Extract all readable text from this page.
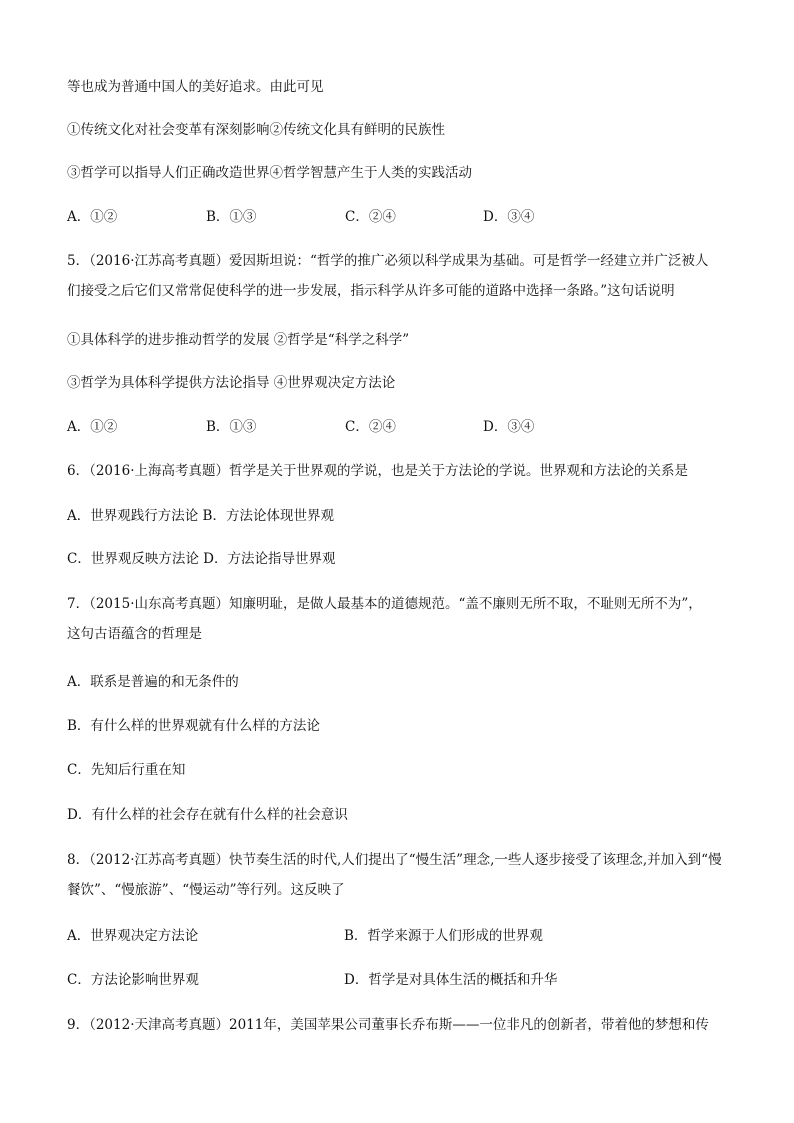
等也成为普通中国人的美好追求。由此可见
①传统文化对社会变革有深刻影响②传统文化具有鲜明的民族性
③哲学可以指导人们正确改造世界④哲学智慧产生于人类的实践活动
A．①②	B．①③	C．②④	D．③④
5．（2016·江苏高考真题）爱因斯坦说：“哲学的推广必须以科学成果为基础。可是哲学一经建立并广泛被人
们接受之后它们又常常促使科学的进一步发展，指示科学从许多可能的道路中选择一条路。”这句话说明
①具体科学的进步推动哲学的发展 ②哲学是“科学之科学”
③哲学为具体科学提供方法论指导 ④世界观决定方法论
A．①②	B．①③	C．②④	D．③④
6．（2016·上海高考真题）哲学是关于世界观的学说，也是关于方法论的学说。世界观和方法论的关系是
A．世界观践行方法论 B．方法论体现世界观
C．世界观反映方法论 D．方法论指导世界观
7．（2015·山东高考真题）知廉明耻，是做人最基本的道德规范。“盖不廉则无所不取，不耻则无所不为”，
这句古语蕴含的哲理是
A．联系是普遍的和无条件的
B．有什么样的世界观就有什么样的方法论
C．先知后行重在知
D．有什么样的社会存在就有什么样的社会意识
8．（2012·江苏高考真题）快节奏生活的时代,人们提出了“慢生活”理念,一些人逐步接受了该理念,并加入到“慢
餐饮”、“慢旅游”、“慢运动”等行列。这反映了
A．世界观决定方法论	B．哲学来源于人们形成的世界观
C．方法论影响世界观	D．哲学是对具体生活的概括和升华
9．（2012·天津高考真题）2011年，美国苹果公司董事长乔布斯——一位非凡的创新者，带着他的梦想和传
